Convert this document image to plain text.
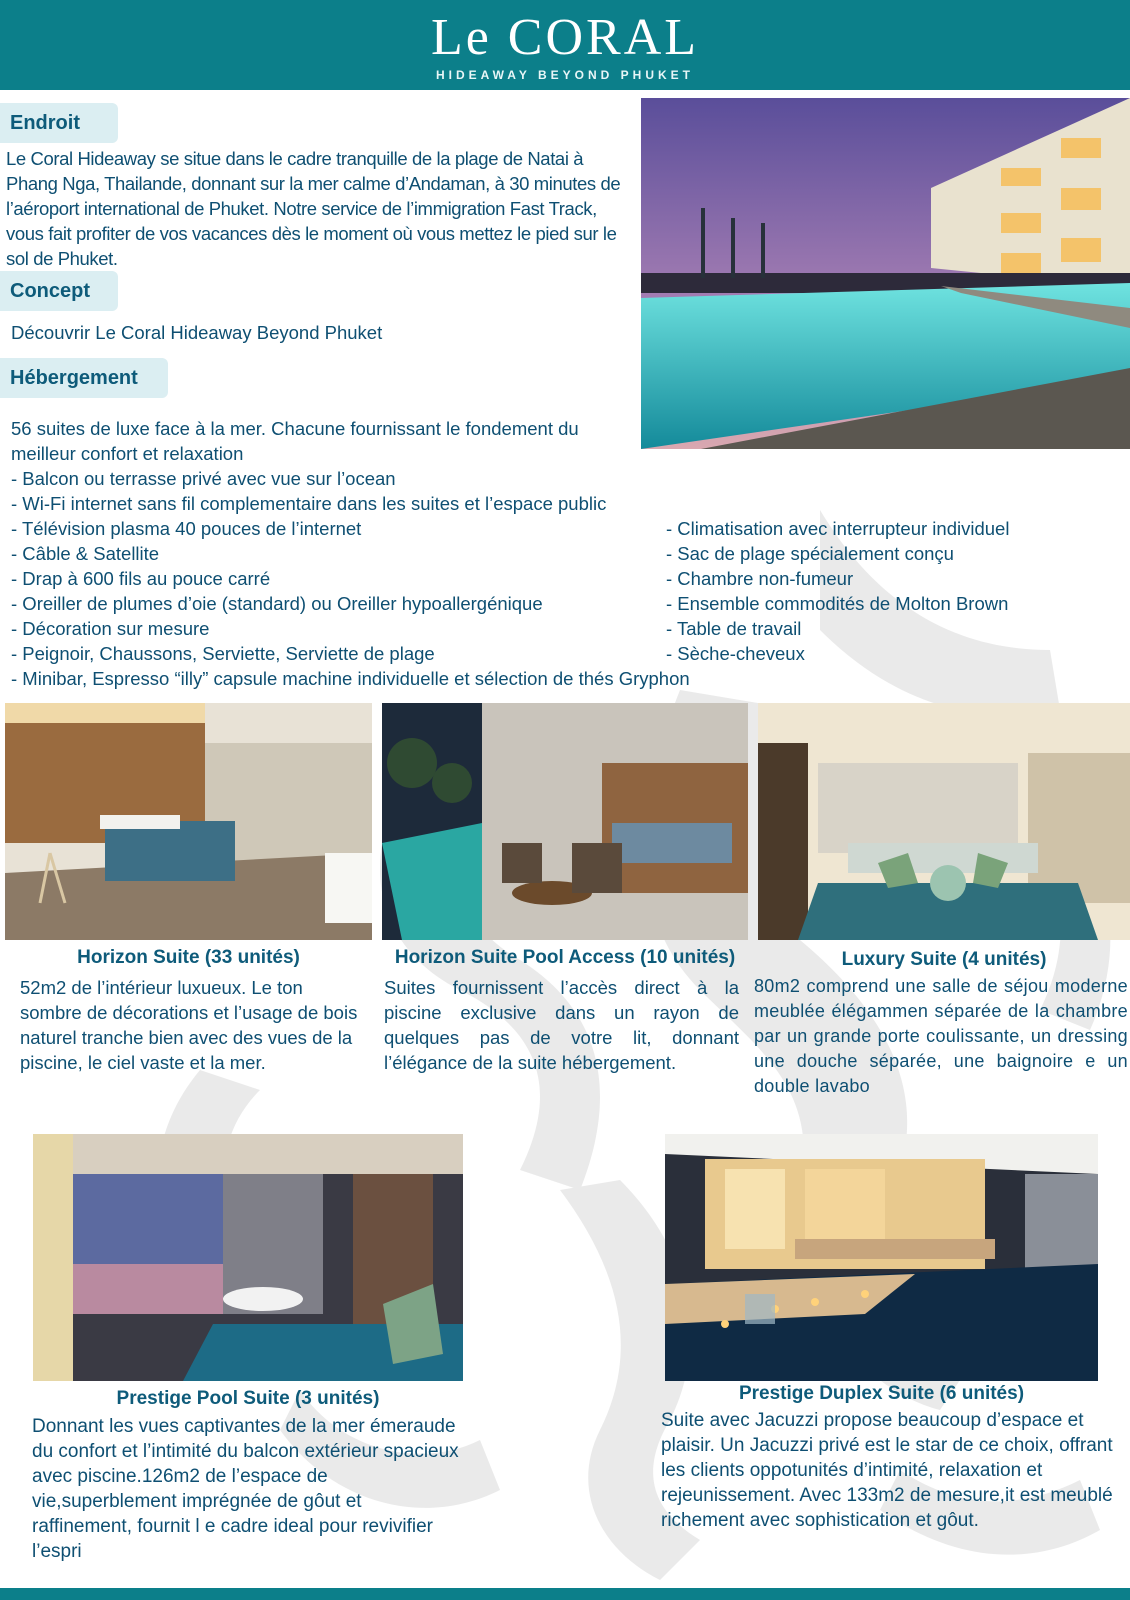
Le CORAL
HIDEAWAY BEYOND PHUKET
Endroit
Le Coral Hideaway se situe dans le cadre tranquille de la plage de Natai à Phang Nga, Thailande, donnant sur la mer calme d’Andaman, à 30 minutes de l’aéroport international de Phuket. Notre service de l’immigration Fast Track, vous fait profiter de vos vacances dès le moment où vous mettez le pied sur le sol de Phuket.
Concept
Découvrir Le Coral Hideaway Beyond Phuket
Hébergement
56 suites de luxe face à la mer. Chacune fournissant le fondement du meilleur confort et relaxation
- Balcon ou terrasse privé avec vue sur l’ocean
- Wi-Fi internet sans fil complementaire dans les suites et l’espace public
- Télévision plasma 40 pouces de l’internet
- Câble & Satellite
- Drap à 600 fils au pouce carré
- Oreiller de plumes d’oie (standard) ou Oreiller hypoallergénique
- Décoration sur mesure
- Peignoir, Chaussons, Serviette, Serviette de plage
- Climatisation avec interrupteur individuel
- Sac de plage spécialement conçu
- Chambre non-fumeur
- Ensemble commodités de Molton Brown
- Table de travail
- Sèche-cheveux
- Minibar, Espresso “illy” capsule machine individuelle et sélection de thés Gryphon
Horizon Suite (33 unités)
52m2 de l’intérieur luxueux. Le ton sombre de décorations et l’usage de bois naturel tranche bien avec des vues de la piscine, le ciel vaste et la mer.
Horizon Suite Pool Access (10 unités)
Suites fournissent l’accès direct à la piscine exclusive dans un rayon de quelques pas de votre lit, donnant l’élégance de la suite hébergement.
Luxury Suite (4 unités)
80m2 comprend une salle de séjou moderne meublée élégammen séparée de la chambre par un grande porte coulissante, un dressing une douche séparée, une baignoire e un double lavabo
Prestige Pool Suite (3 unités)
Donnant les vues captivantes de la mer émeraude du confort et l’intimité du balcon extérieur spacieux avec piscine.126m2 de l’espace de vie,superblement imprégnée de gôut et raffinement, fournit l e cadre ideal pour revivifier l’espri
Prestige Duplex Suite (6 unités)
Suite avec Jacuzzi propose beaucoup d’espace et plaisir. Un Jacuzzi privé est le star de ce choix, offrant les clients oppotunités d’intimité, relaxation et rejeunissement. Avec 133m2 de mesure,it est meublé richement avec sophistication et gôut.
